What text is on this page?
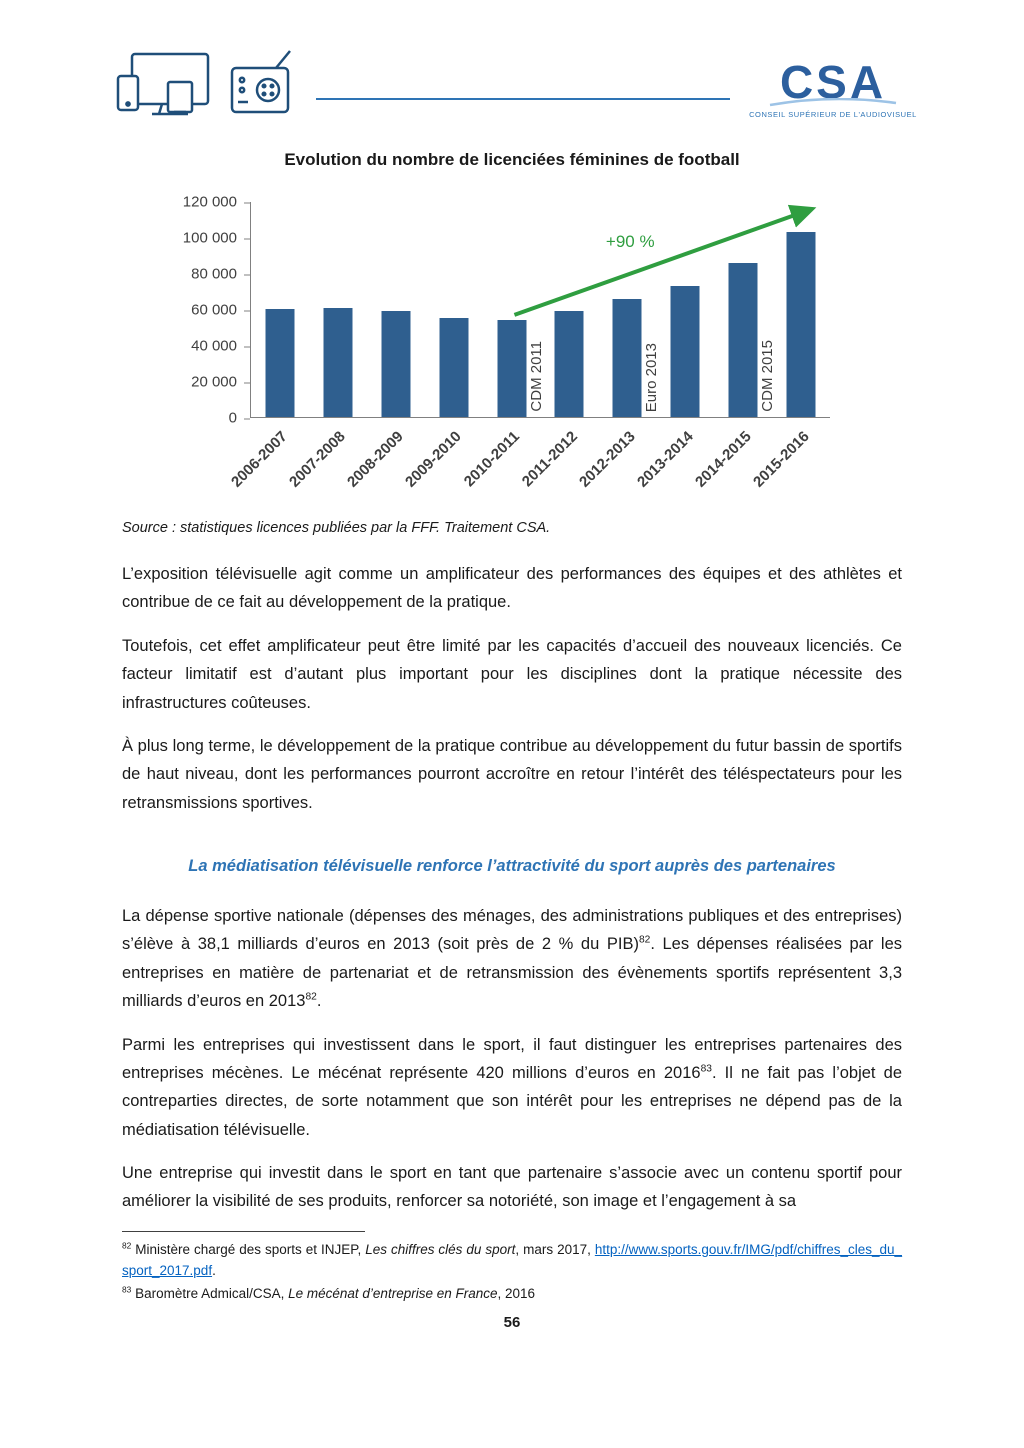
CSA
CONSEIL SUPÉRIEUR DE L'AUDIOVISUEL
Evolution du nombre de licenciées féminines de football
0
20 000
40 000
60 000
80 000
100 000
120 000
+90 %
CDM 2011	Euro 2013	CDM 2015
2006-2007
2007-2008
2008-2009
2009-2010
2010-2011
2011-2012
2012-2013
2013-2014
2014-2015
2015-2016
Source : statistiques licences publiées par la FFF. Traitement CSA.

L’exposition télévisuelle agit comme un amplificateur des performances des équipes et des athlètes et contribue de ce fait au développement de la pratique.

Toutefois, cet effet amplificateur peut être limité par les capacités d’accueil des nouveaux licenciés. Ce facteur limitatif est d’autant plus important pour les disciplines dont la pratique nécessite des infrastructures coûteuses.

À plus long terme, le développement de la pratique contribue au développement du futur bassin de sportifs de haut niveau, dont les performances pourront accroître en retour l’intérêt des téléspectateurs pour les retransmissions sportives.

La médiatisation télévisuelle renforce l’attractivité du sport auprès des partenaires

La dépense sportive nationale (dépenses des ménages, des administrations publiques et des entreprises) s’élève à 38,1 milliards d’euros en 2013 (soit près de 2 % du PIB)$^{82}$. Les dépenses réalisées par les entreprises en matière de partenariat et de retransmission des évènements sportifs représentent 3,3 milliards d’euros en 2013$^{82}$.

Parmi les entreprises qui investissent dans le sport, il faut distinguer les entreprises partenaires des entreprises mécènes. Le mécénat représente 420 millions d’euros en 2016$^{83}$. Il ne fait pas l’objet de contreparties directes, de sorte notamment que son intérêt pour les entreprises ne dépend pas de la médiatisation télévisuelle.

Une entreprise qui investit dans le sport en tant que partenaire s’associe avec un contenu sportif pour améliorer la visibilité de ses produits, renforcer sa notoriété, son image et l’engagement à sa

$^{82}$ Ministère chargé des sports et INJEP, Les chiffres clés du sport, mars 2017, http://www.sports.gouv.fr/IMG/pdf/chiffres_cles_du_sport_2017.pdf.

$^{83}$ Baromètre Admical/CSA, Le mécénat d’entreprise en France, 2016

56
